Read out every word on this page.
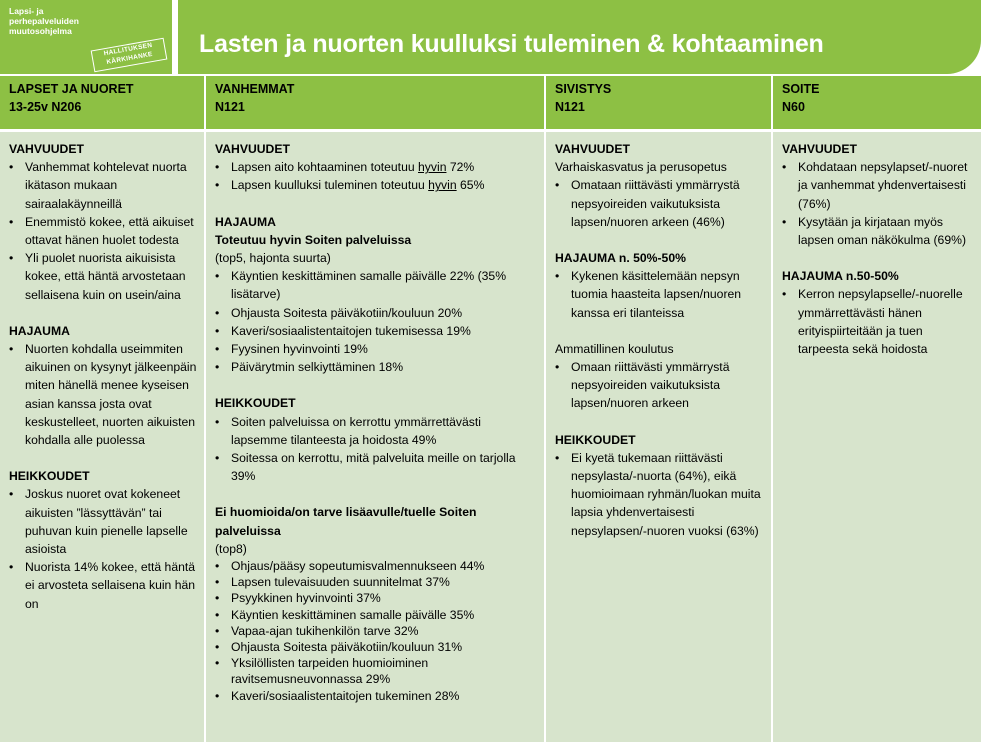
Lapsi- ja
perhepalveluiden
muutosohjelma
HALLITUKSEN KÄRKIHANKE
Lasten ja nuorten kuulluksi tuleminen & kohtaaminen
LAPSET JA NUORET
13-25v N206
VAHVUUDET
• Vanhemmat kohtelevat nuorta ikätason mukaan sairaalakäynneillä
• Enemmistö kokee, että aikuiset ottavat hänen huolet todesta
• Yli puolet nuorista aikuisista kokee, että häntä arvostetaan sellaisena kuin on usein/aina
HAJAUMA
• Nuorten kohdalla useimmiten aikuinen on kysynyt jälkeenpäin miten hänellä menee kyseisen asian kanssa josta ovat keskustelleet, nuorten aikuisten kohdalla alle puolessa
HEIKKOUDET
• Joskus nuoret ovat kokeneet aikuisten ”lässyttävän” tai puhuvan kuin pienelle lapselle asioista
• Nuorista 14% kokee, että häntä ei arvosteta sellaisena kuin hän on
VANHEMMAT
N121
VAHVUUDET
• Lapsen aito kohtaaminen toteutuu hyvin 72%
• Lapsen kuulluksi tuleminen toteutuu hyvin 65%
HAJAUMA
Toteutuu hyvin Soiten palveluissa
(top5, hajonta suurta)
• Käyntien keskittäminen samalle päivälle 22% (35% lisätarve)
• Ohjausta Soitesta päiväkotiin/kouluun 20%
• Kaveri/sosiaalistentaitojen tukemisessa 19%
• Fyysinen hyvinvointi 19%
• Päivärytmin selkiyttäminen 18%
HEIKKOUDET
• Soiten palveluissa on kerrottu ymmärrettävästi lapsemme tilanteesta ja hoidosta 49%
• Soitessa on kerrottu, mitä palveluita meille on tarjolla 39%
Ei huomioida/on tarve lisäavulle/tuelle Soiten palveluissa
(top8)
• Ohjaus/pääsy sopeutumisvalmennukseen 44%
• Lapsen tulevaisuuden suunnitelmat 37%
• Psyykkinen hyvinvointi 37%
• Käyntien keskittäminen samalle päivälle 35%
• Vapaa-ajan tukihenkilön tarve 32%
• Ohjausta Soitesta päiväkotiin/kouluun 31%
• Yksilöllisten tarpeiden huomioiminen ravitsemusneuvonnassa 29%
• Kaveri/sosiaalistentaitojen tukeminen 28%
SIVISTYS
N121
VAHVUUDET
Varhaiskasvatus ja perusopetus
• Omataan riittävästi ymmärrystä nepsyoireiden vaikutuksista lapsen/nuoren arkeen (46%)
HAJAUMA n. 50%-50%
• Kykenen käsittelemään nepsyn tuomia haasteita lapsen/nuoren kanssa eri tilanteissa
Ammatillinen koulutus
• Omaan riittävästi ymmärrystä nepsyoireiden vaikutuksista lapsen/nuoren arkeen
HEIKKOUDET
• Ei kyetä tukemaan riittävästi nepsylasta/-nuorta (64%), eikä huomioimaan ryhmän/luokan muita lapsia yhdenvertaisesti nepsylapsen/-nuoren vuoksi (63%)
SOITE
N60
VAHVUUDET
• Kohdataan nepsylapset/-nuoret ja vanhemmat yhdenvertaisesti (76%)
• Kysytään ja kirjataan myös lapsen oman näkökulma (69%)
HAJAUMA n.50-50%
• Kerron nepsylapselle/-nuorelle ymmärrettävästi hänen erityispiirteitään ja tuen tarpeesta sekä hoidosta
